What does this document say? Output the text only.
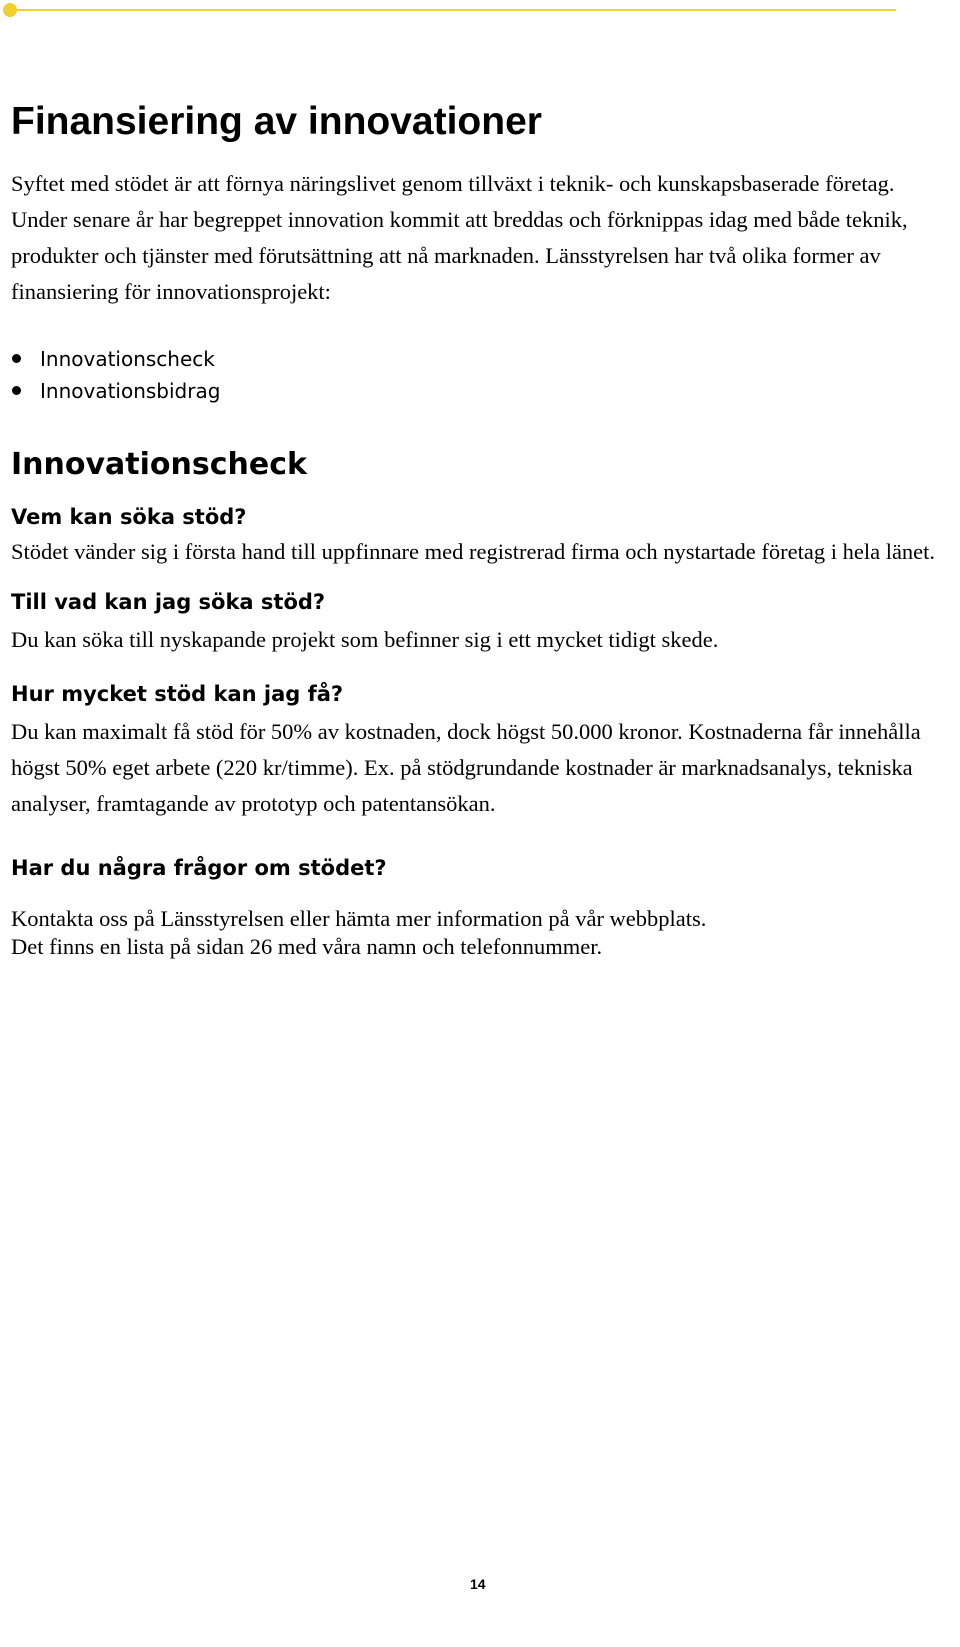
Finansiering av innovationer

Syftet med stödet är att förnya näringslivet genom tillväxt i teknik- och kunskapsbaserade företag. Under senare år har begreppet innovation kommit att breddas och förknippas idag med både teknik, produkter och tjänster med förutsättning att nå marknaden. Länsstyrelsen har två olika former av finansiering för innovationsprojekt:

Innovationscheck
Innovationsbidrag
Innovationscheck
Vem kan söka stöd?

Stödet vänder sig i första hand till uppfinnare med registrerad firma och nystartade företag i hela länet.

Till vad kan jag söka stöd?

Du kan söka till nyskapande projekt som befinner sig i ett mycket tidigt skede.

Hur mycket stöd kan jag få?

Du kan maximalt få stöd för 50% av kostnaden, dock högst 50.000 kronor. Kostnaderna får innehålla högst 50% eget arbete (220 kr/timme). Ex. på stödgrundande kostnader är marknadsanalys, tekniska analyser, framtagande av prototyp och patentansökan.

Har du några frågor om stödet?

Kontakta oss på Länsstyrelsen eller hämta mer information på vår webbplats.

Det finns en lista på sidan 26 med våra namn och telefonnummer.

14
